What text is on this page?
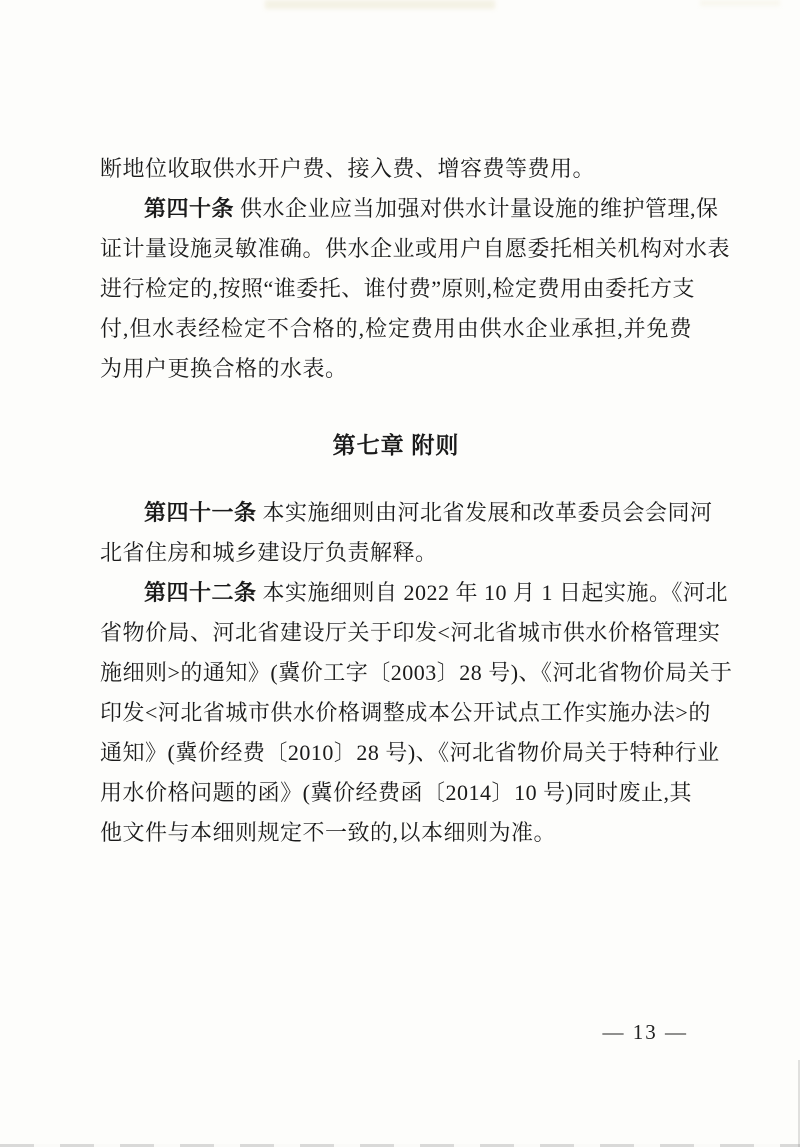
断地位收取供水开户费、接入费、增容费等费用。
第四十条 供水企业应当加强对供水计量设施的维护管理,保
证计量设施灵敏准确。供水企业或用户自愿委托相关机构对水表
进行检定的,按照“谁委托、谁付费”原则,检定费用由委托方支
付,但水表经检定不合格的,检定费用由供水企业承担,并免费
为用户更换合格的水表。
第七章 附则
第四十一条 本实施细则由河北省发展和改革委员会会同河
北省住房和城乡建设厅负责解释。
第四十二条 本实施细则自 2022 年 10 月 1 日起实施。《河北
省物价局、河北省建设厅关于印发<河北省城市供水价格管理实
施细则>的通知》(冀价工字〔2003〕28 号)、《河北省物价局关于
印发<河北省城市供水价格调整成本公开试点工作实施办法>的
通知》(冀价经费〔2010〕28 号)、《河北省物价局关于特种行业
用水价格问题的函》(冀价经费函〔2014〕10 号)同时废止,其
他文件与本细则规定不一致的,以本细则为准。
— 13 —
